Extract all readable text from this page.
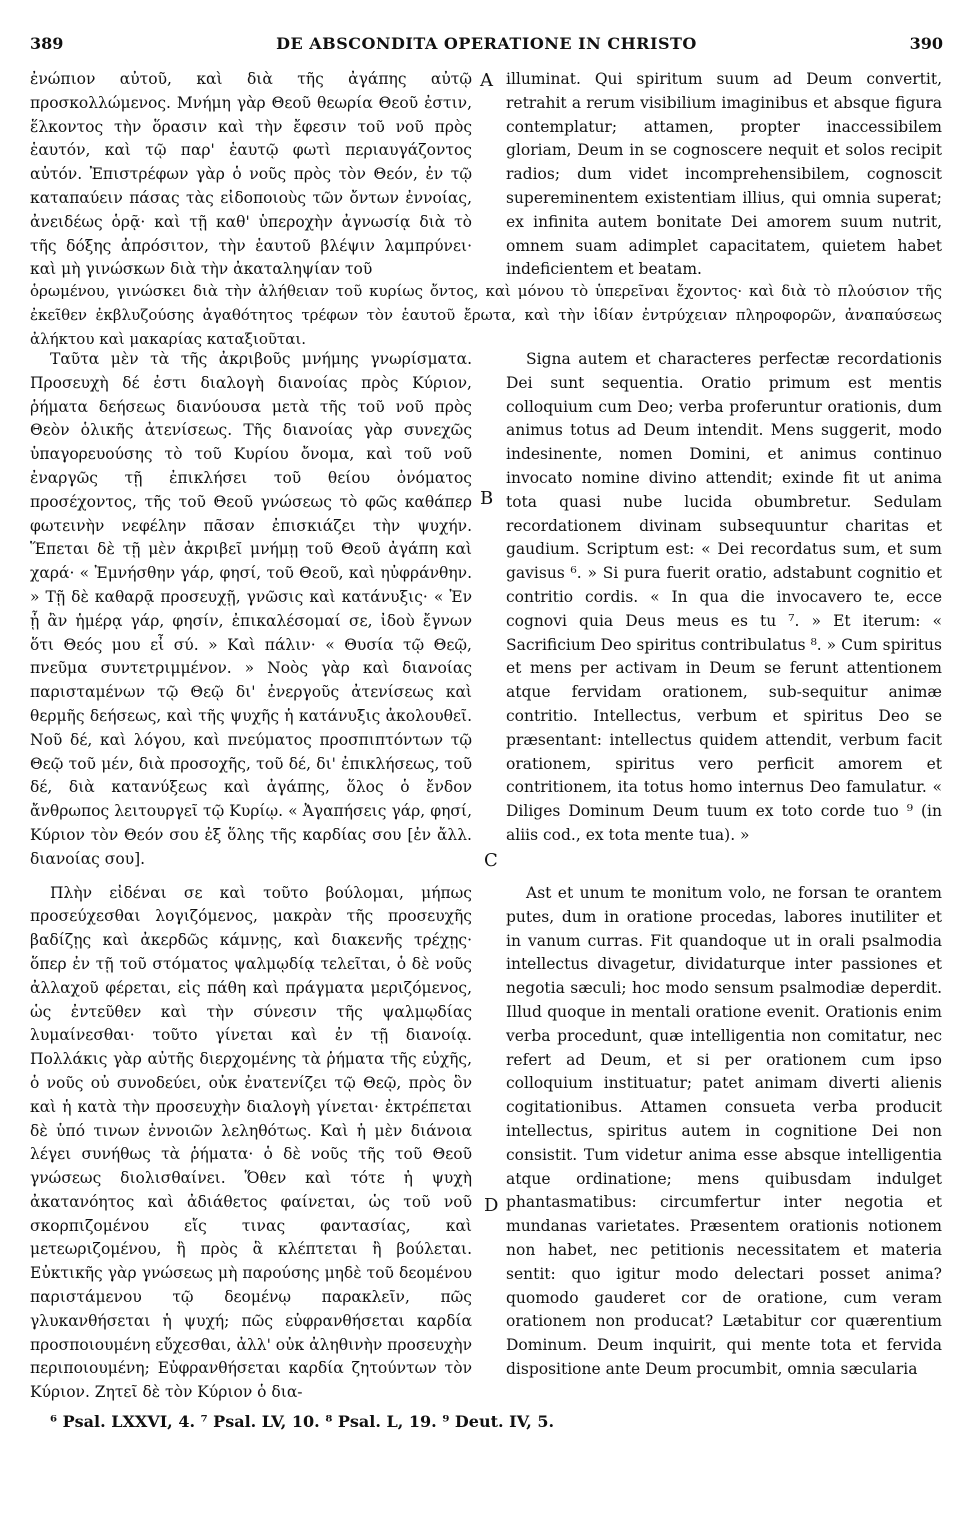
389	DE ABSCONDITA OPERATIONE IN CHRISTO	390

ἐνώπιον αὐτοῦ, καὶ διὰ τῆς ἀγάπης αὐτῷ προσκολλώμενος. Μνήμη γὰρ Θεοῦ θεωρία Θεοῦ ἐστιν, ἕλκοντος τὴν ὅρασιν καὶ τὴν ἔφεσιν τοῦ νοῦ πρὸς ἑαυτόν, καὶ τῷ παρ' ἑαυτῷ φωτὶ περιαυγάζοντος αὐτόν. Ἐπιστρέφων γὰρ ὁ νοῦς πρὸς τὸν Θεόν, ἐν τῷ καταπαύειν πάσας τὰς εἰδοποιοὺς τῶν ὄντων ἐννοίας, ἀνειδέως ὁρᾷ· καὶ τῇ καθ' ὑπεροχὴν ἀγνωσίᾳ διὰ τὸ τῆς δόξης ἀπρόσιτον, τὴν ἑαυτοῦ βλέψιν λαμπρύνει· καὶ μὴ γινώσκων διὰ τὴν ἀκαταληψίαν τοῦ

ὁρωμένου, γινώσκει διὰ τὴν ἀλήθειαν τοῦ κυρίως ὄντος, καὶ μόνου τὸ ὑπερεῖναι ἔχοντος· καὶ διὰ τὸ πλούσιον τῆς ἐκεῖθεν ἐκβλυζούσης ἀγαθότητος τρέφων τὸν ἑαυτοῦ ἔρωτα, καὶ τὴν ἰδίαν ἐντρύχειαν πληροφορῶν, ἀναπαύσεως ἀλήκτου καὶ μακαρίας καταξιοῦται.

Ταῦτα μὲν τὰ τῆς ἀκριβοῦς μνήμης γνωρίσματα. Προσευχὴ δέ ἐστι διαλογὴ διανοίας πρὸς Κύριον, ῥήματα δεήσεως διανύουσα μετὰ τῆς τοῦ νοῦ πρὸς Θεὸν ὁλικῆς ἀτενίσεως. Τῆς διανοίας γὰρ συνεχῶς ὑπαγορευούσης τὸ τοῦ Κυρίου ὄνομα, καὶ τοῦ νοῦ ἐναργῶς τῇ ἐπικλήσει τοῦ θείου ὀνόματος προσέχοντος, τῆς τοῦ Θεοῦ γνώσεως τὸ φῶς καθάπερ φωτεινὴν νεφέλην πᾶσαν ἐπισκιάζει τὴν ψυχήν. Ἕπεται δὲ τῇ μὲν ἀκριβεῖ μνήμῃ τοῦ Θεοῦ ἀγάπη καὶ χαρά· « Ἐμνήσθην γάρ, φησί, τοῦ Θεοῦ, καὶ ηὐφράνθην. » Τῇ δὲ καθαρᾷ προσευχῇ, γνῶσις καὶ κατάνυξις· « Ἐν ᾗ ἂν ἡμέρᾳ γάρ, φησίν, ἐπικαλέσομαί σε, ἰδοὺ ἔγνων ὅτι Θεός μου εἶ σύ. » Καὶ πάλιν· « Θυσία τῷ Θεῷ, πνεῦμα συντετριμμένον. » Νοὸς γὰρ καὶ διανοίας παρισταμένων τῷ Θεῷ δι' ἐνεργοῦς ἀτενίσεως καὶ θερμῆς δεήσεως, καὶ τῆς ψυχῆς ἡ κατάνυξις ἀκολουθεῖ. Νοῦ δέ, καὶ λόγου, καὶ πνεύματος προσπιπτόντων τῷ Θεῷ τοῦ μέν, διὰ προσοχῆς, τοῦ δέ, δι' ἐπικλήσεως, τοῦ δέ, διὰ κατανύξεως καὶ ἀγάπης, ὅλος ὁ ἔνδον ἄνθρωπος λειτουργεῖ τῷ Κυρίῳ. « Ἀγαπήσεις γάρ, φησί, Κύριον τὸν Θεόν σου ἐξ ὅλης τῆς καρδίας σου [ἐν ἄλλ. διανοίας σου].

Πλὴν εἰδέναι σε καὶ τοῦτο βούλομαι, μήπως προσεύχεσθαι λογιζόμενος, μακρὰν τῆς προσευχῆς βαδίζῃς καὶ ἀκερδῶς κάμνῃς, καὶ διακενῆς τρέχῃς· ὅπερ ἐν τῇ τοῦ στόματος ψαλμῳδίᾳ τελεῖται, ὁ δὲ νοῦς ἀλλαχοῦ φέρεται, εἰς πάθη καὶ πράγματα μεριζόμενος, ὡς ἐντεῦθεν καὶ τὴν σύνεσιν τῆς ψαλμῳδίας λυμαίνεσθαι· τοῦτο γίνεται καὶ ἐν τῇ διανοίᾳ. Πολλάκις γὰρ αὐτῆς διερχομένης τὰ ῥήματα τῆς εὐχῆς, ὁ νοῦς οὐ συνοδεύει, οὐκ ἐνατενίζει τῷ Θεῷ, πρὸς ὃν καὶ ἡ κατὰ τὴν προσευχὴν διαλογὴ γίνεται· ἐκτρέπεται δὲ ὑπό τινων ἐννοιῶν λεληθότως. Καὶ ἡ μὲν διάνοια λέγει συνήθως τὰ ῥήματα· ὁ δὲ νοῦς τῆς τοῦ Θεοῦ γνώσεως διολισθαίνει. Ὅθεν καὶ τότε ἡ ψυχὴ ἀκατανόητος καὶ ἀδιάθετος φαίνεται, ὡς τοῦ νοῦ σκορπιζομένου εἴς τινας φαντασίας, καὶ μετεωριζομένου, ἢ πρὸς ἃ κλέπτεται ἢ βούλεται. Εὐκτικῆς γὰρ γνώσεως μὴ παρούσης μηδὲ τοῦ δεομένου παριστάμενου τῷ δεομένῳ παρακλεῖν, πῶς γλυκανθήσεται ἡ ψυχή; πῶς εὐφρανθήσεται καρδία προσποιουμένη εὔχεσθαι, ἀλλ' οὐκ ἀληθινὴν προσευχὴν περιποιουμένη; Εὐφρανθήσεται καρδία ζητούντων τὸν Κύριον. Ζητεῖ δὲ τὸν Κύριον ὁ δια-

illuminat. Qui spiritum suum ad Deum convertit, retrahit a rerum visibilium imaginibus et absque figura contemplatur; attamen, propter inaccessibilem gloriam, Deum in se cognoscere nequit et solos recipit radios; dum videt incomprehensibilem, cognoscit supereminentem existentiam illius, qui omnia superat; ex infinita autem bonitate Dei amorem suum nutrit, omnem suam adimplet capacitatem, quietem habet indeficientem et beatam.

Signa autem et characteres perfectæ recordationis Dei sunt sequentia. Oratio primum est mentis colloquium cum Deo; verba proferuntur orationis, dum animus totus ad Deum intendit. Mens suggerit, modo indesinente, nomen Domini, et animus continuo invocato nomine divino attendit; exinde fit ut anima tota quasi nube lucida obumbretur. Sedulam recordationem divinam subsequuntur charitas et gaudium. Scriptum est: « Dei recordatus sum, et sum gavisus ⁶. » Si pura fuerit oratio, adstabunt cognitio et contritio cordis. « In qua die invocavero te, ecce cognovi quia Deus meus es tu ⁷. » Et iterum: « Sacrificium Deo spiritus contribulatus ⁸. » Cum spiritus et mens per activam in Deum se ferunt attentionem atque fervidam orationem, sub-sequitur animæ contritio. Intellectus, verbum et spiritus Deo se præsentant: intellectus quidem attendit, verbum facit orationem, spiritus vero perficit amorem et contritionem, ita totus homo internus Deo famulatur. « Diliges Dominum Deum tuum ex toto corde tuo ⁹ (in aliis cod., ex tota mente tua). »

Ast et unum te monitum volo, ne forsan te orantem putes, dum in oratione procedas, labores inutiliter et in vanum curras. Fit quandoque ut in orali psalmodia intellectus divagetur, dividaturque inter passiones et negotia sæculi; hoc modo sensum psalmodiæ deperdit. Illud quoque in mentali oratione evenit. Orationis enim verba procedunt, quæ intelligentia non comitatur, nec refert ad Deum, et si per orationem cum ipso colloquium instituatur; patet animam diverti alienis cogitationibus. Attamen consueta verba producit intellectus, spiritus autem in cognitione Dei non consistit. Tum videtur anima esse absque intelligentia atque ordinatione; mens quibusdam indulget phantasmatibus: circumfertur inter negotia et mundanas varietates. Præsentem orationis notionem non habet, nec petitionis necessitatem et materia sentit: quo igitur modo delectari posset anima? quomodo gauderet cor de oratione, cum veram orationem non producat? Lætabitur cor quærentium Dominum. Deum inquirit, qui mente tota et fervida dispositione ante Deum procumbit, omnia sæcularia

A
B
C
D
⁶ Psal. LXXVI, 4. ⁷ Psal. LV, 10. ⁸ Psal. L, 19. ⁹ Deut. IV, 5.
